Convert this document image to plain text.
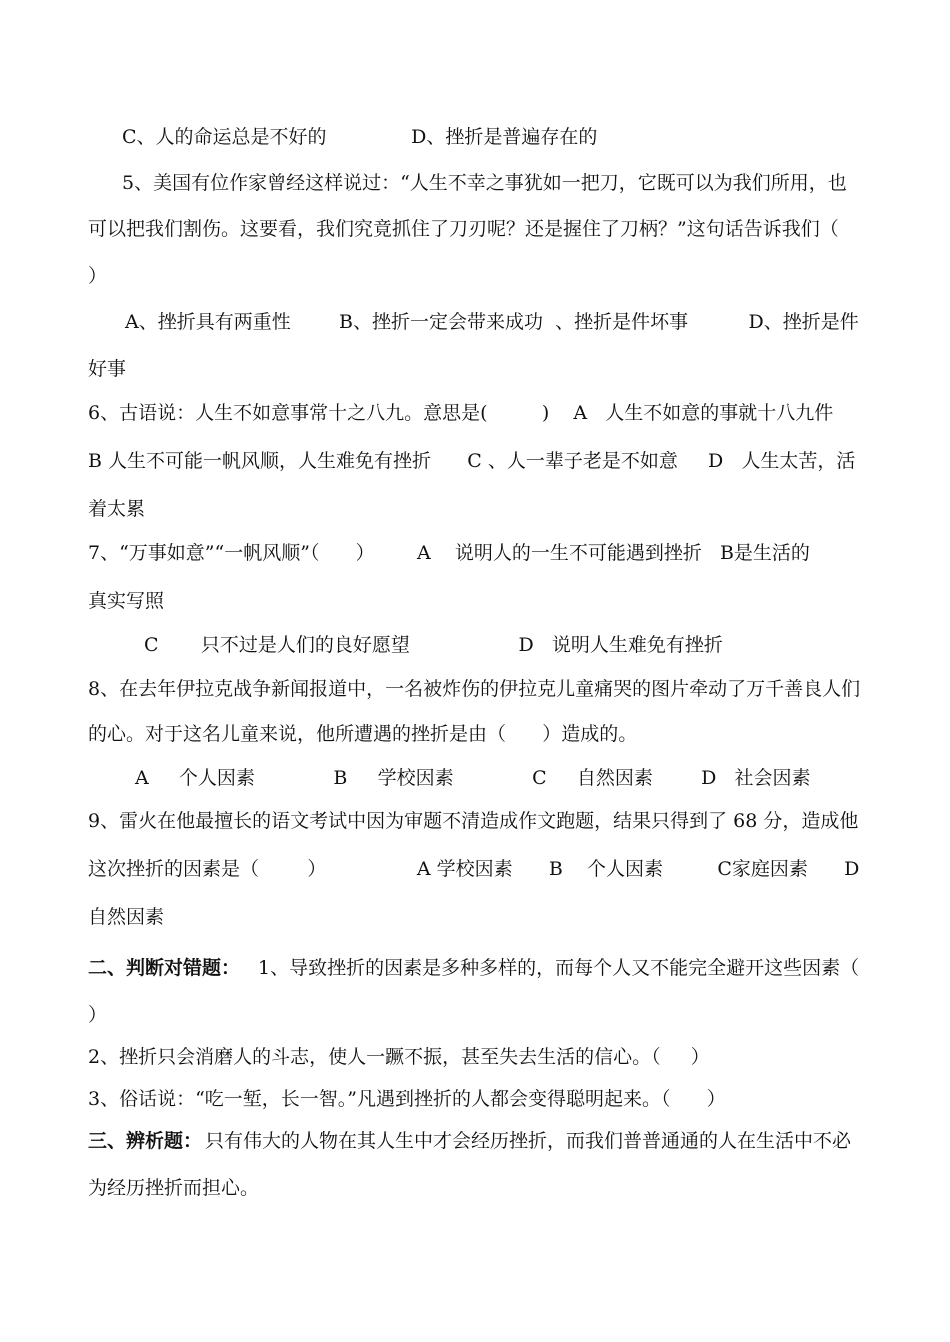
C、人的命运总是不好的              D、挫折是普遍存在的
5、美国有位作家曾经这样说过：“人生不幸之事犹如一把刀，它既可以为我们所用，也
可以把我们割伤。这要看，我们究竟抓住了刀刃呢？还是握住了刀柄？”这句话告诉我们（
）
A、挫折具有两重性        B、挫折一定会带来成功  、挫折是件坏事          D、挫折是件
好事
6、古语说：人生不如意事常十之八九。意思是(         )    A   人生不如意的事就十八九件
B 人生不可能一帆风顺，人生难免有挫折      C 、人一辈子老是不如意     D   人生太苦，活
着太累
7、“万事如意”“一帆风顺”（      ）       A    说明人的一生不可能遇到挫折   B是生活的
真实写照
C       只不过是人们的良好愿望                  D   说明人生难免有挫折
8、在去年伊拉克战争新闻报道中，一名被炸伤的伊拉克儿童痛哭的图片牵动了万千善良人们
的心。对于这名儿童来说，他所遭遇的挫折是由（      ）造成的。
A     个人因素             B     学校因素             C     自然因素        D   社会因素
9、雷火在他最擅长的语文考试中因为审题不清造成作文跑题，结果只得到了 68 分，造成他
这次挫折的因素是（        ）               A 学校因素      B    个人因素         C家庭因素      D
自然因素
二、判断对错题： 1、导致挫折的因素是多种多样的，而每个人又不能完全避开这些因素（
）
2、挫折只会消磨人的斗志，使人一蹶不振，甚至失去生活的信心。（     ）
3、俗话说：“吃一堑，长一智。”凡遇到挫折的人都会变得聪明起来。（      ）
三、辨析题： 只有伟大的人物在其人生中才会经历挫折，而我们普普通通的人在生活中不必
为经历挫折而担心。
